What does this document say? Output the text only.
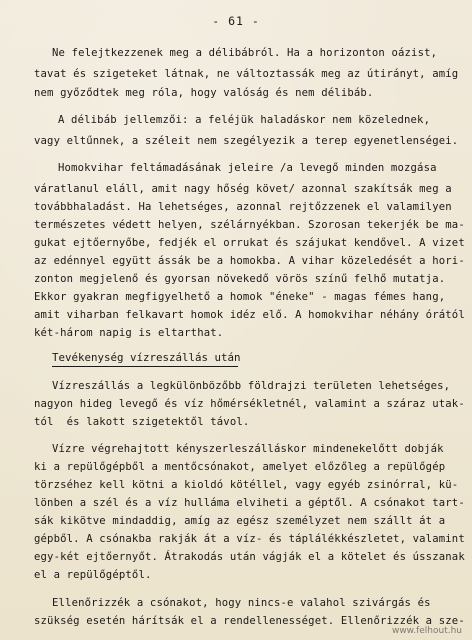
- 61 -
Ne felejtkezzenek meg a délibábról. Ha a horizonton oázist,
tavat és szigeteket látnak, ne változtassák meg az útirányt, amíg
nem győződtek meg róla, hogy valóság és nem délibáb.
A délibáb jellemzői: a feléjük haladáskor nem közelednek,
vagy eltűnnek, a széleit nem szegélyezik a terep egyenetlenségei.
Homokvihar feltámadásának jeleire /a levegő minden mozgása
váratlanul eláll, amit nagy hőség követ/ azonnal szakítsák meg a
továbbhaladást. Ha lehetséges, azonnal rejtőzzenek el valamilyen
természetes védett helyen, szélárnyékban. Szorosan tekerjék be ma-
gukat ejtőernyőbe, fedjék el orrukat és szájukat kendővel. A vizet
az edénnyel együtt ássák be a homokba. A vihar közeledését a hori-
zonton megjelenő és gyorsan növekedő vörös színű felhő mutatja.
Ekkor gyakran megfigyelhető a homok "éneke" - magas fémes hang,
amit viharban felkavart homok idéz elő. A homokvihar néhány órától
két-három napig is eltarthat.
Tevékenység vízreszállás után
Vízreszállás a legkülönbözőbb földrajzi területen lehetséges,
nagyon hideg levegő és víz hőmérsékletnél, valamint a száraz utak-
tól  és lakott szigetektől távol.
Vízre végrehajtott kényszerleszálláskor mindenekelőtt dobják
ki a repülőgépből a mentőcsónakot, amelyet előzőleg a repülőgép
törzséhez kell kötni a kioldó kötéllel, vagy egyéb zsinórral, kü-
lönben a szél és a víz hulláma elviheti a géptől. A csónakot tart-
sák kikötve mindaddig, amíg az egész személyzet nem szállt át a
gépből. A csónakba rakják át a víz- és táplálékkészletet, valamint
egy-két ejtőernyőt. Átrakodás után vágják el a kötelet és ússzanak
el a repülőgéptől.
Ellenőrizzék a csónakot, hogy nincs-e valahol szivárgás és
szükség esetén hárítsák el a rendellenességet. Ellenőrizzék a sze-
www.felhout.hu
